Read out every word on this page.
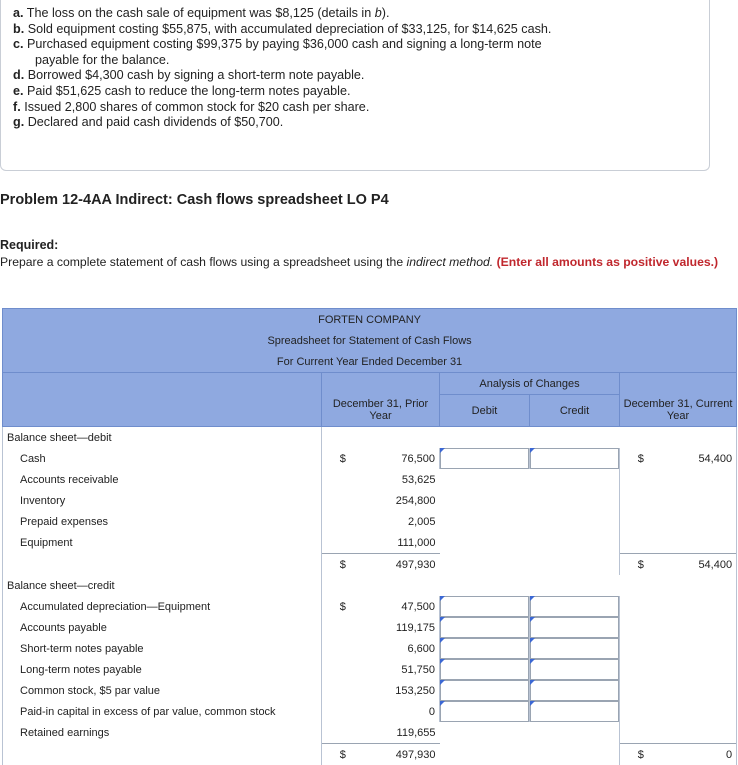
a. The loss on the cash sale of equipment was $8,125 (details in b).
b. Sold equipment costing $55,875, with accumulated depreciation of $33,125, for $14,625 cash.
c. Purchased equipment costing $99,375 by paying $36,000 cash and signing a long-term note
payable for the balance.
d. Borrowed $4,300 cash by signing a short-term note payable.
e. Paid $51,625 cash to reduce the long-term notes payable.
f. Issued 2,800 shares of common stock for $20 cash per share.
g. Declared and paid cash dividends of $50,700.
Problem 12-4AA Indirect: Cash flows spreadsheet LO P4
Required:
Prepare a complete statement of cash flows using a spreadsheet using the indirect method. (Enter all amounts as positive values.)
FORTEN COMPANY						
Spreadsheet for Statement of Cash Flows						
For Current Year Ended December 31						
			Analysis of Changes			
	December 31, Prior Year		Debit	Credit	December 31, Current Year	
Balance sheet—debit						
Cash	$	76,500			$	54,400
Accounts receivable		53,625				
Inventory		254,800				
Prepaid expenses		2,005				
Equipment		111,000				
	$	497,930			$	54,400
Balance sheet—credit						
Accumulated depreciation—Equipment	$	47,500	

Accounts payable		119,175	

Short-term notes payable		6,600	

Long-term notes payable		51,750	

Common stock, $5 par value		153,250	

Paid-in capital in excess of par value, common stock		0	

Retained earnings		119,655				
	$	497,930			$	0
